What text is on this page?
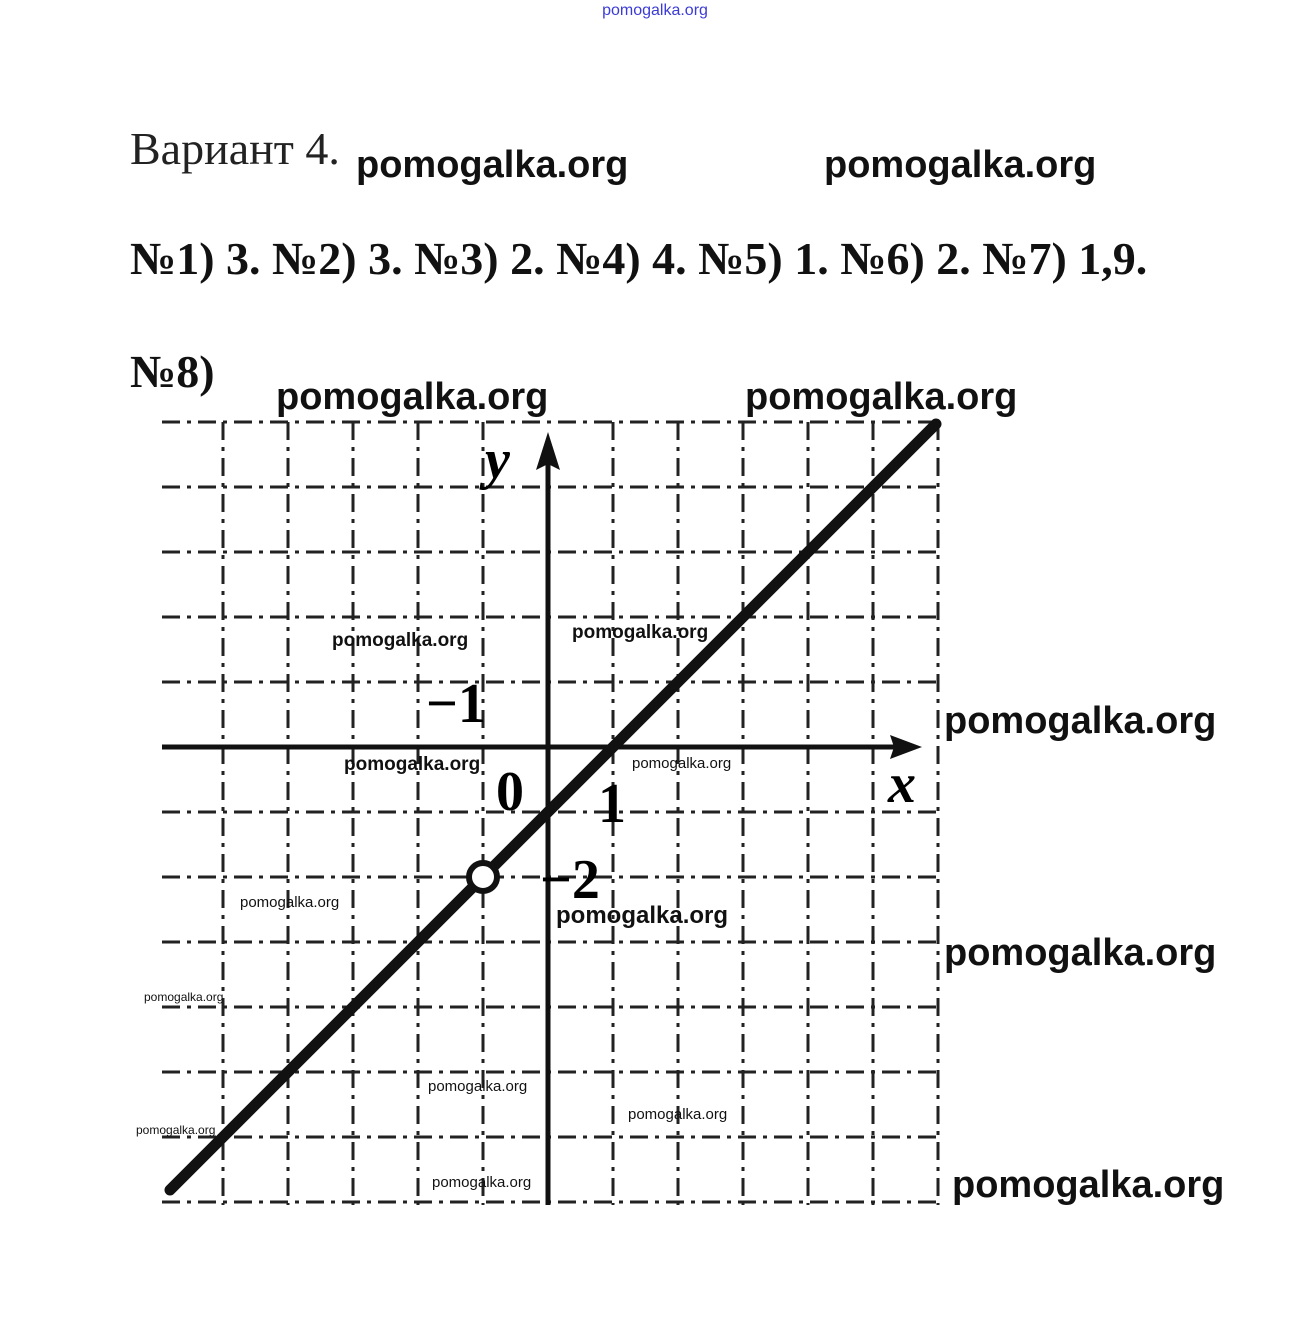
pomogalka.org
Вариант 4.
№1) 3. №2) 3. №3) 2. №4) 4. №5) 1. №6) 2. №7) 1,9.
№8)
y
x
0 1
−1
−2
pomogalka.org	pomogalka.org
pomogalka.org	pomogalka.org
pomogalka.org	pomogalka.org
pomogalka.org
pomogalka.org	pomogalka.org
pomogalka.org	pomogalka.org
pomogalka.org
pomogalka.org
pomogalka.org
pomogalka.org
pomogalka.org
pomogalka.org	pomogalka.org
